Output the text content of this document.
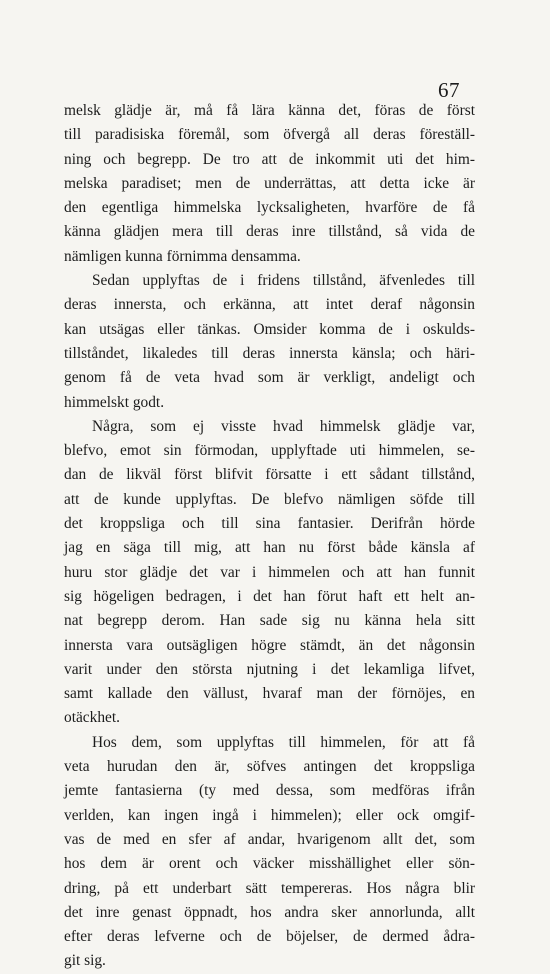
67
melsk glädje är, må få lära känna det, föras de först
till paradisiska föremål, som öfvergå all deras föreställ-
ning och begrepp. De tro att de inkommit uti det him-
melska paradiset; men de underrättas, att detta icke är
den egentliga himmelska lycksaligheten, hvarföre de få
känna glädjen mera till deras inre tillstånd, så vida de
nämligen kunna förnimma densamma.
Sedan upplyftas de i fridens tillstånd, äfvenledes till
deras innersta, och erkänna, att intet deraf någonsin
kan utsägas eller tänkas. Omsider komma de i oskulds-
tillståndet, likaledes till deras innersta känsla; och häri-
genom få de veta hvad som är verkligt, andeligt och
himmelskt godt.
Några, som ej visste hvad himmelsk glädje var,
blefvo, emot sin förmodan, upplyftade uti himmelen, se-
dan de likväl först blifvit försatte i ett sådant tillstånd,
att de kunde upplyftas. De blefvo nämligen söfde till
det kroppsliga och till sina fantasier. Derifrån hörde
jag en säga till mig, att han nu först både känsla af
huru stor glädje det var i himmelen och att han funnit
sig högeligen bedragen, i det han förut haft ett helt an-
nat begrepp derom. Han sade sig nu känna hela sitt
innersta vara outsägligen högre stämdt, än det någonsin
varit under den största njutning i det lekamliga lifvet,
samt kallade den vällust, hvaraf man der förnöjes, en
otäckhet.
Hos dem, som upplyftas till himmelen, för att få
veta hurudan den är, söfves antingen det kroppsliga
jemte fantasierna (ty med dessa, som medföras ifrån
verlden, kan ingen ingå i himmelen); eller ock omgif-
vas de med en sfer af andar, hvarigenom allt det, som
hos dem är orent och väcker misshällighet eller sön-
dring, på ett underbart sätt tempereras. Hos några blir
det inre genast öppnadt, hos andra sker annorlunda, allt
efter deras lefverne och de böjelser, de dermed ådra-
git sig.
